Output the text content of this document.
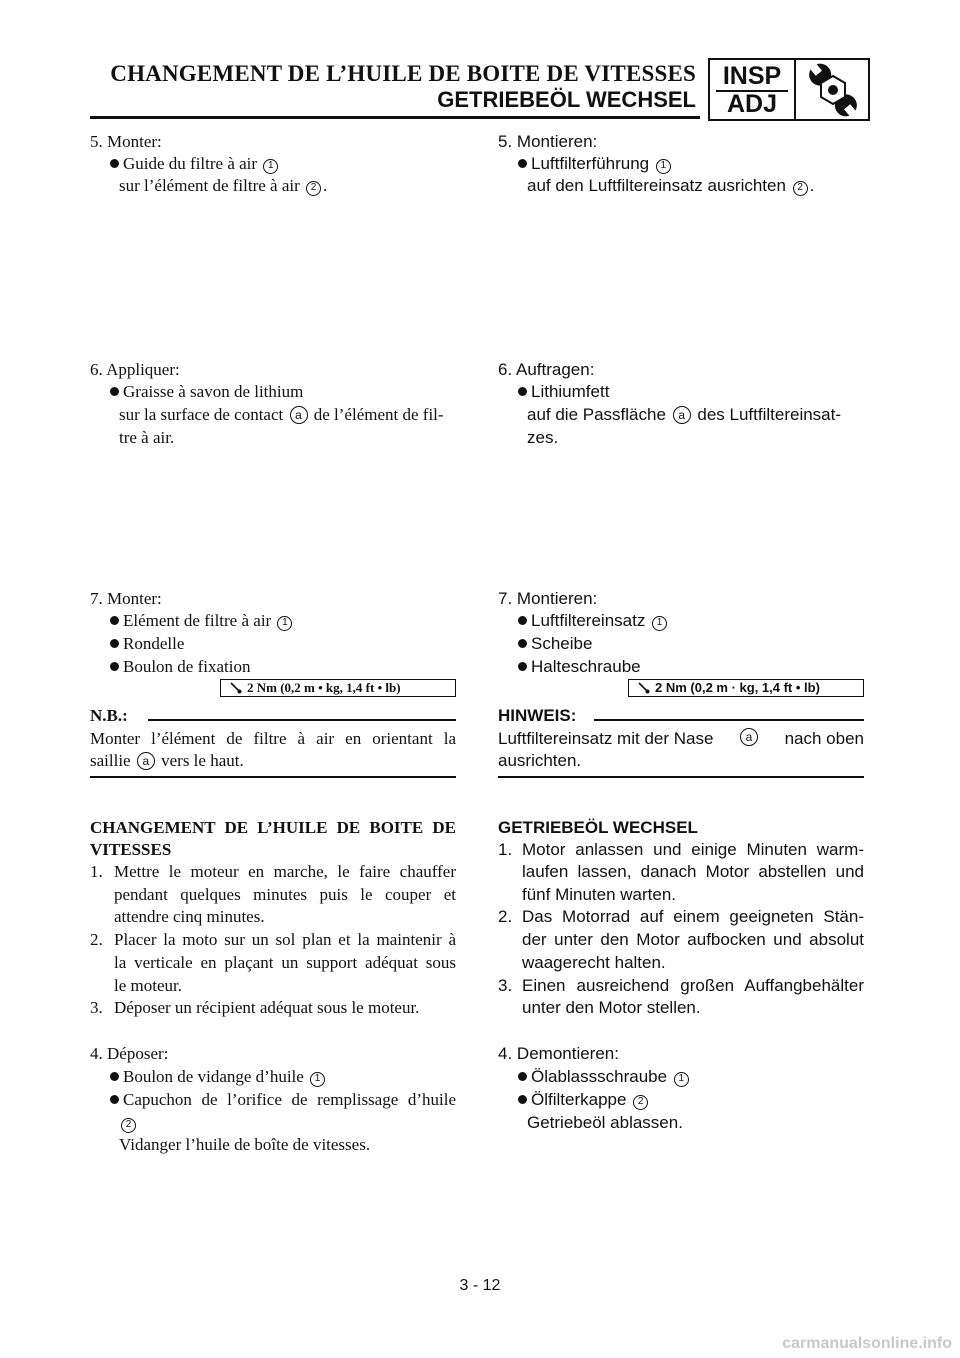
CHANGEMENT DE L’HUILE DE BOITE DE VITESSES
GETRIEBEÖL WECHSEL
INSP
ADJ
5. Monter:
Guide du filtre à air 1
sur l’élément de filtre à air 2 .
6. Appliquer:
Graisse à savon de lithium
sur la surface de contact a de l’élément de fil-
tre à air.
7. Monter:
Elément de filtre à air 1
Rondelle
Boulon de fixation
2 Nm (0,2 m • kg, 1,4 ft • lb)
N.B.:
Monter l’élément de filtre à air en orientant la
saillie a vers le haut.
CHANGEMENT DE L’HUILE DE BOITE DE
VITESSES
1. Mettre le moteur en marche, le faire chauffer
pendant quelques minutes puis le couper et
attendre cinq minutes.
2. Placer la moto sur un sol plan et la maintenir à
la verticale en plaçant un support adéquat sous
le moteur.
3. Déposer un récipient adéquat sous le moteur.
4. Déposer:
Boulon de vidange d’huile 1
Capuchon de l’orifice de remplissage d’huile
2
Vidanger l’huile de boîte de vitesses.
5. Montieren:
Luftfilterführung 1
auf den Luftfiltereinsatz ausrichten 2 .
6. Auftragen:
Lithiumfett
auf die Passfläche a des Luftfiltereinsat-
zes.
7. Montieren:
Luftfiltereinsatz 1
Scheibe
Halteschraube
2 Nm (0,2 m · kg, 1,4 ft • lb)
HINWEIS:
Luftfiltereinsatz mit der Nase	a	nach oben
ausrichten.
GETRIEBEÖL WECHSEL
1. Motor anlassen und einige Minuten warm-
laufen lassen, danach Motor abstellen und
fünf Minuten warten.
2. Das Motorrad auf einem geeigneten Stän-
der unter den Motor aufbocken und absolut
waagerecht halten.
3. Einen ausreichend großen Auffangbehälter
unter den Motor stellen.
4. Demontieren:
Ölablassschraube 1
Ölfilterkappe 2
Getriebeöl ablassen.
3 - 12
carmanualsonline.info
